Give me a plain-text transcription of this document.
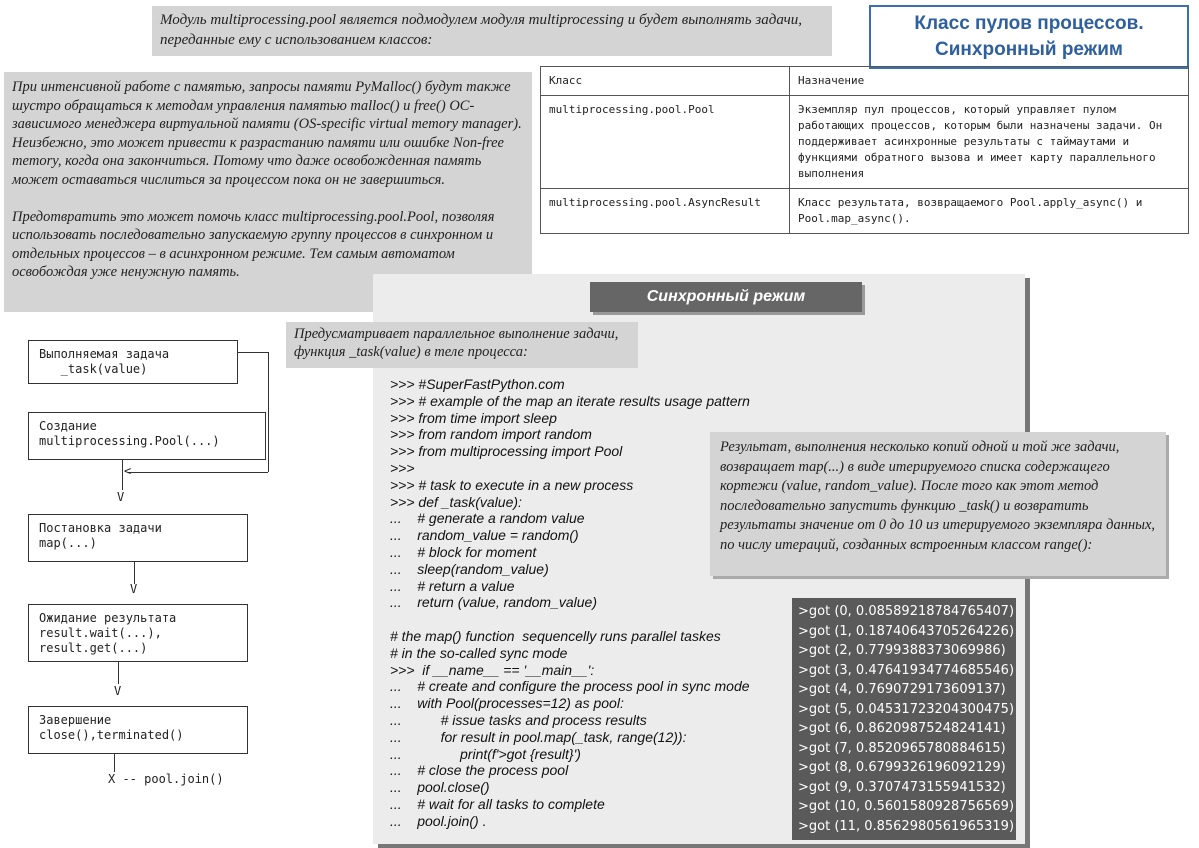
Модуль multiprocessing.pool является подмодулем модуля multiprocessing и будет выполнять задачи, переданные ему с использованием классов:
Класс пулов процессов.
Синхронный режим
Класс	Назначение
multiprocessing.pool.Pool	Экземпляр пул процессов, который управляет пулом работающих процессов, которым были назначены задачи. Он поддерживает асинхронные результаты с таймаутами и функциями обратного вызова и имеет карту параллельного выполнения
multiprocessing.pool.AsyncResult	Класс результата, возвращаемого Pool.apply_async() и Pool.map_async().
При интенсивной работе с памятью, запросы памяти PyMalloc() будут также шустро обращаться к методам управления памятью malloc() и free() ОС-зависимого менеджера виртуальной памяти (OS-specific virtual memory manager). Неизбежно, это может привести к разрастанию памяти или ошибке Non-free memory, когда она закончиться. Потому что даже освобожденная память может оставаться числиться за процессом пока он не завершиться.
Предотвратить это может помочь класс multiprocessing.pool.Pool, позволяя использовать последовательно запускаемую группу процессов в синхронном и отдельных процессов – в асинхронном режиме. Тем самым автоматом освобождая уже ненужную память.
Выполняемая задача
_task(value)
Создание
multiprocessing.Pool(...)
Постановка задачи
map(...)
Ожидание результата
result.wait(...),
result.get(...)
Завершение
close(),terminated()
<
V
V
V
X -- pool.join()
Синхронный режим
Предусматривает параллельное выполнение задачи, функция _task(value) в теле процесса:
>>> #SuperFastPython.com
>>> # example of the map an iterate results usage pattern
>>> from time import sleep
>>> from random import random
>>> from multiprocessing import Pool
>>>
>>> # task to execute in a new process
>>> def _task(value):
...    # generate a random value
...    random_value = random()
...    # block for moment
...    sleep(random_value)
...    # return a value
...    return (value, random_value)
# the map() function  sequencelly runs parallel taskes
# in the so-called sync mode
>>>  if __name__ == '__main__':
...    # create and configure the process pool in sync mode
...    with Pool(processes=12) as pool:
...          # issue tasks and process results
...          for result in pool.map(_task, range(12)):
...               print(f'>got {result}')
...    # close the process pool
...    pool.close()
...    # wait for all tasks to complete
...    pool.join() .
Результат, выполнения несколько копий одной и той же задачи, возвращает map(...) в виде итерируемого списка содержащего кортежи (value, random_value). После того как этот метод последовательно запустить функцию _task() и возвратить результаты значение от 0 до 10 из итерируемого экземпляра данных, по числу итераций, созданных встроенным классом range():
>got (0, 0.08589218784765407)
>got (1, 0.18740643705264226)
>got (2, 0.7799388373069986)
>got (3, 0.47641934774685546)
>got (4, 0.7690729173609137)
>got (5, 0.04531723204300475)
>got (6, 0.8620987524824141)
>got (7, 0.8520965780884615)
>got (8, 0.6799326196092129)
>got (9, 0.3707473155941532)
>got (10, 0.5601580928756569)
>got (11, 0.8562980561965319)
